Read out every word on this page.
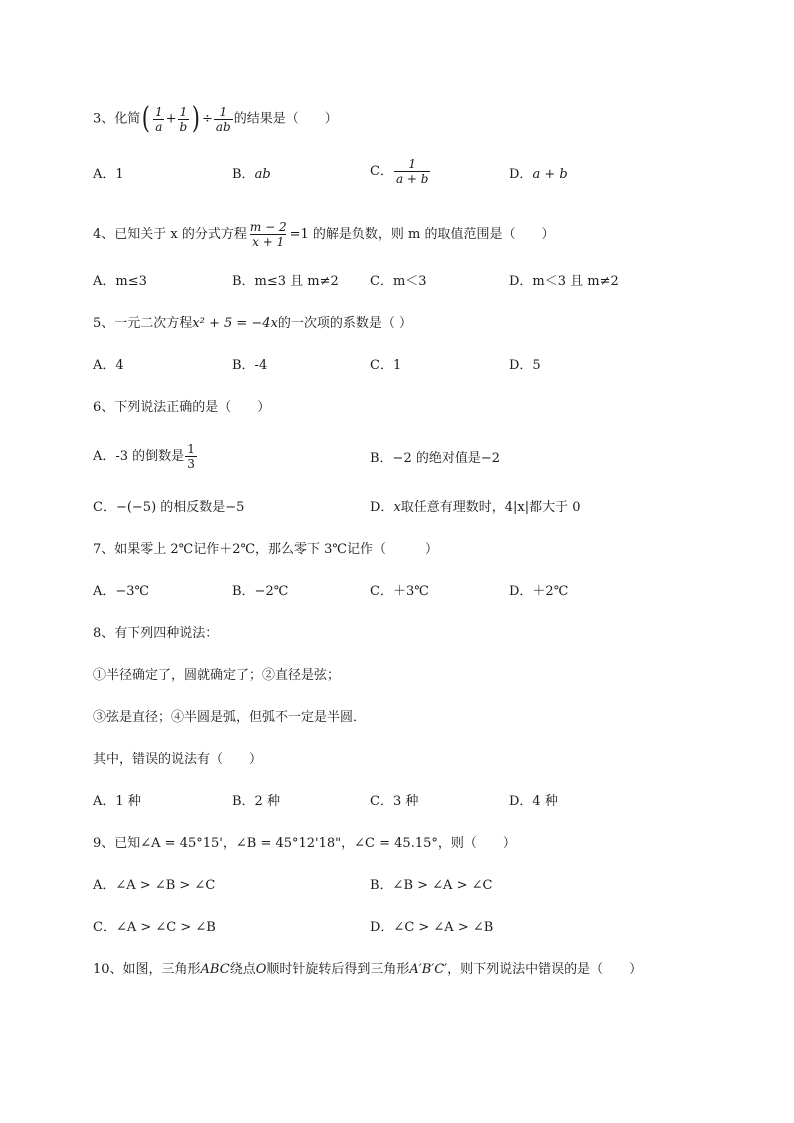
3、化简( $\frac{1}{a} + \frac{1}{b}$ ) ÷ $\frac{1}{ab}$ 的结果是（　　）
A．1	B．ab	C． $\frac{1}{a + b}$	D．a + b
4、已知关于 x 的分式方程 $\frac{m - 2}{x + 1} =1$ 的解是负数，则 m 的取值范围是（　　）
A．m≤3	B．m≤3 且 m≠2 C．m＜3	D．m＜3 且 m≠2
5、一元二次方程x² + 5 = −4x的一次项的系数是（ ）
A．4	B．-4	C．1	D．5
6、下列说法正确的是（　　）
A．-3 的倒数是 $\frac{1}{3}$	B．−2 的绝对值是−2
C．−(−5) 的相反数是−5	D．x取任意有理数时，4|x|都大于 0
7、如果零上 2℃记作＋2℃，那么零下 3℃记作（　　　）
A．−3℃	B．−2℃	C．＋3℃	D．＋2℃
8、有下列四种说法：
①半径确定了，圆就确定了；②直径是弦；
③弦是直径；④半圆是弧，但弧不一定是半圆．
其中，错误的说法有（　　）
A．1 种	B．2 种	C．3 种	D．4 种
9、已知∠A = 45°15'，∠B = 45°12'18"，∠C = 45.15°，则（　　）
A．∠A > ∠B > ∠C	B．∠B > ∠A > ∠C
C．∠A > ∠C > ∠B	D．∠C > ∠A > ∠B
10、如图，三角形ABC绕点O顺时针旋转后得到三角形A′B′C′，则下列说法中错误的是（　　）
